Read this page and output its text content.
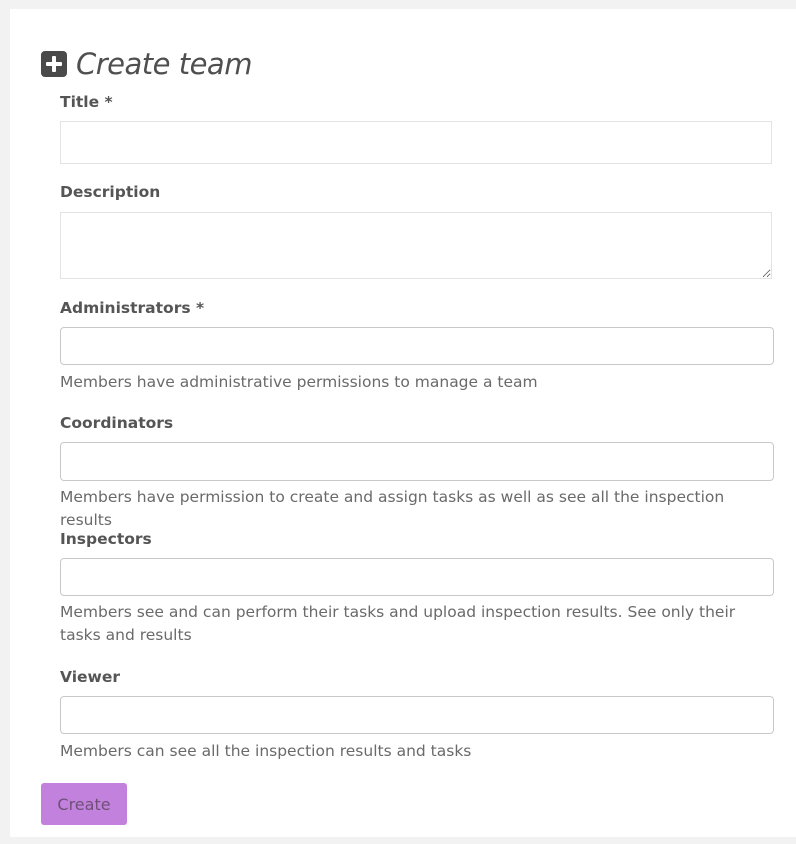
Create team
Title *
Description
Administrators *
Members have administrative permissions to manage a team
Coordinators
Members have permission to create and assign tasks as well as see all the inspection results
Inspectors
Members see and can perform their tasks and upload inspection results. See only their tasks and results
Viewer
Members can see all the inspection results and tasks
Create
